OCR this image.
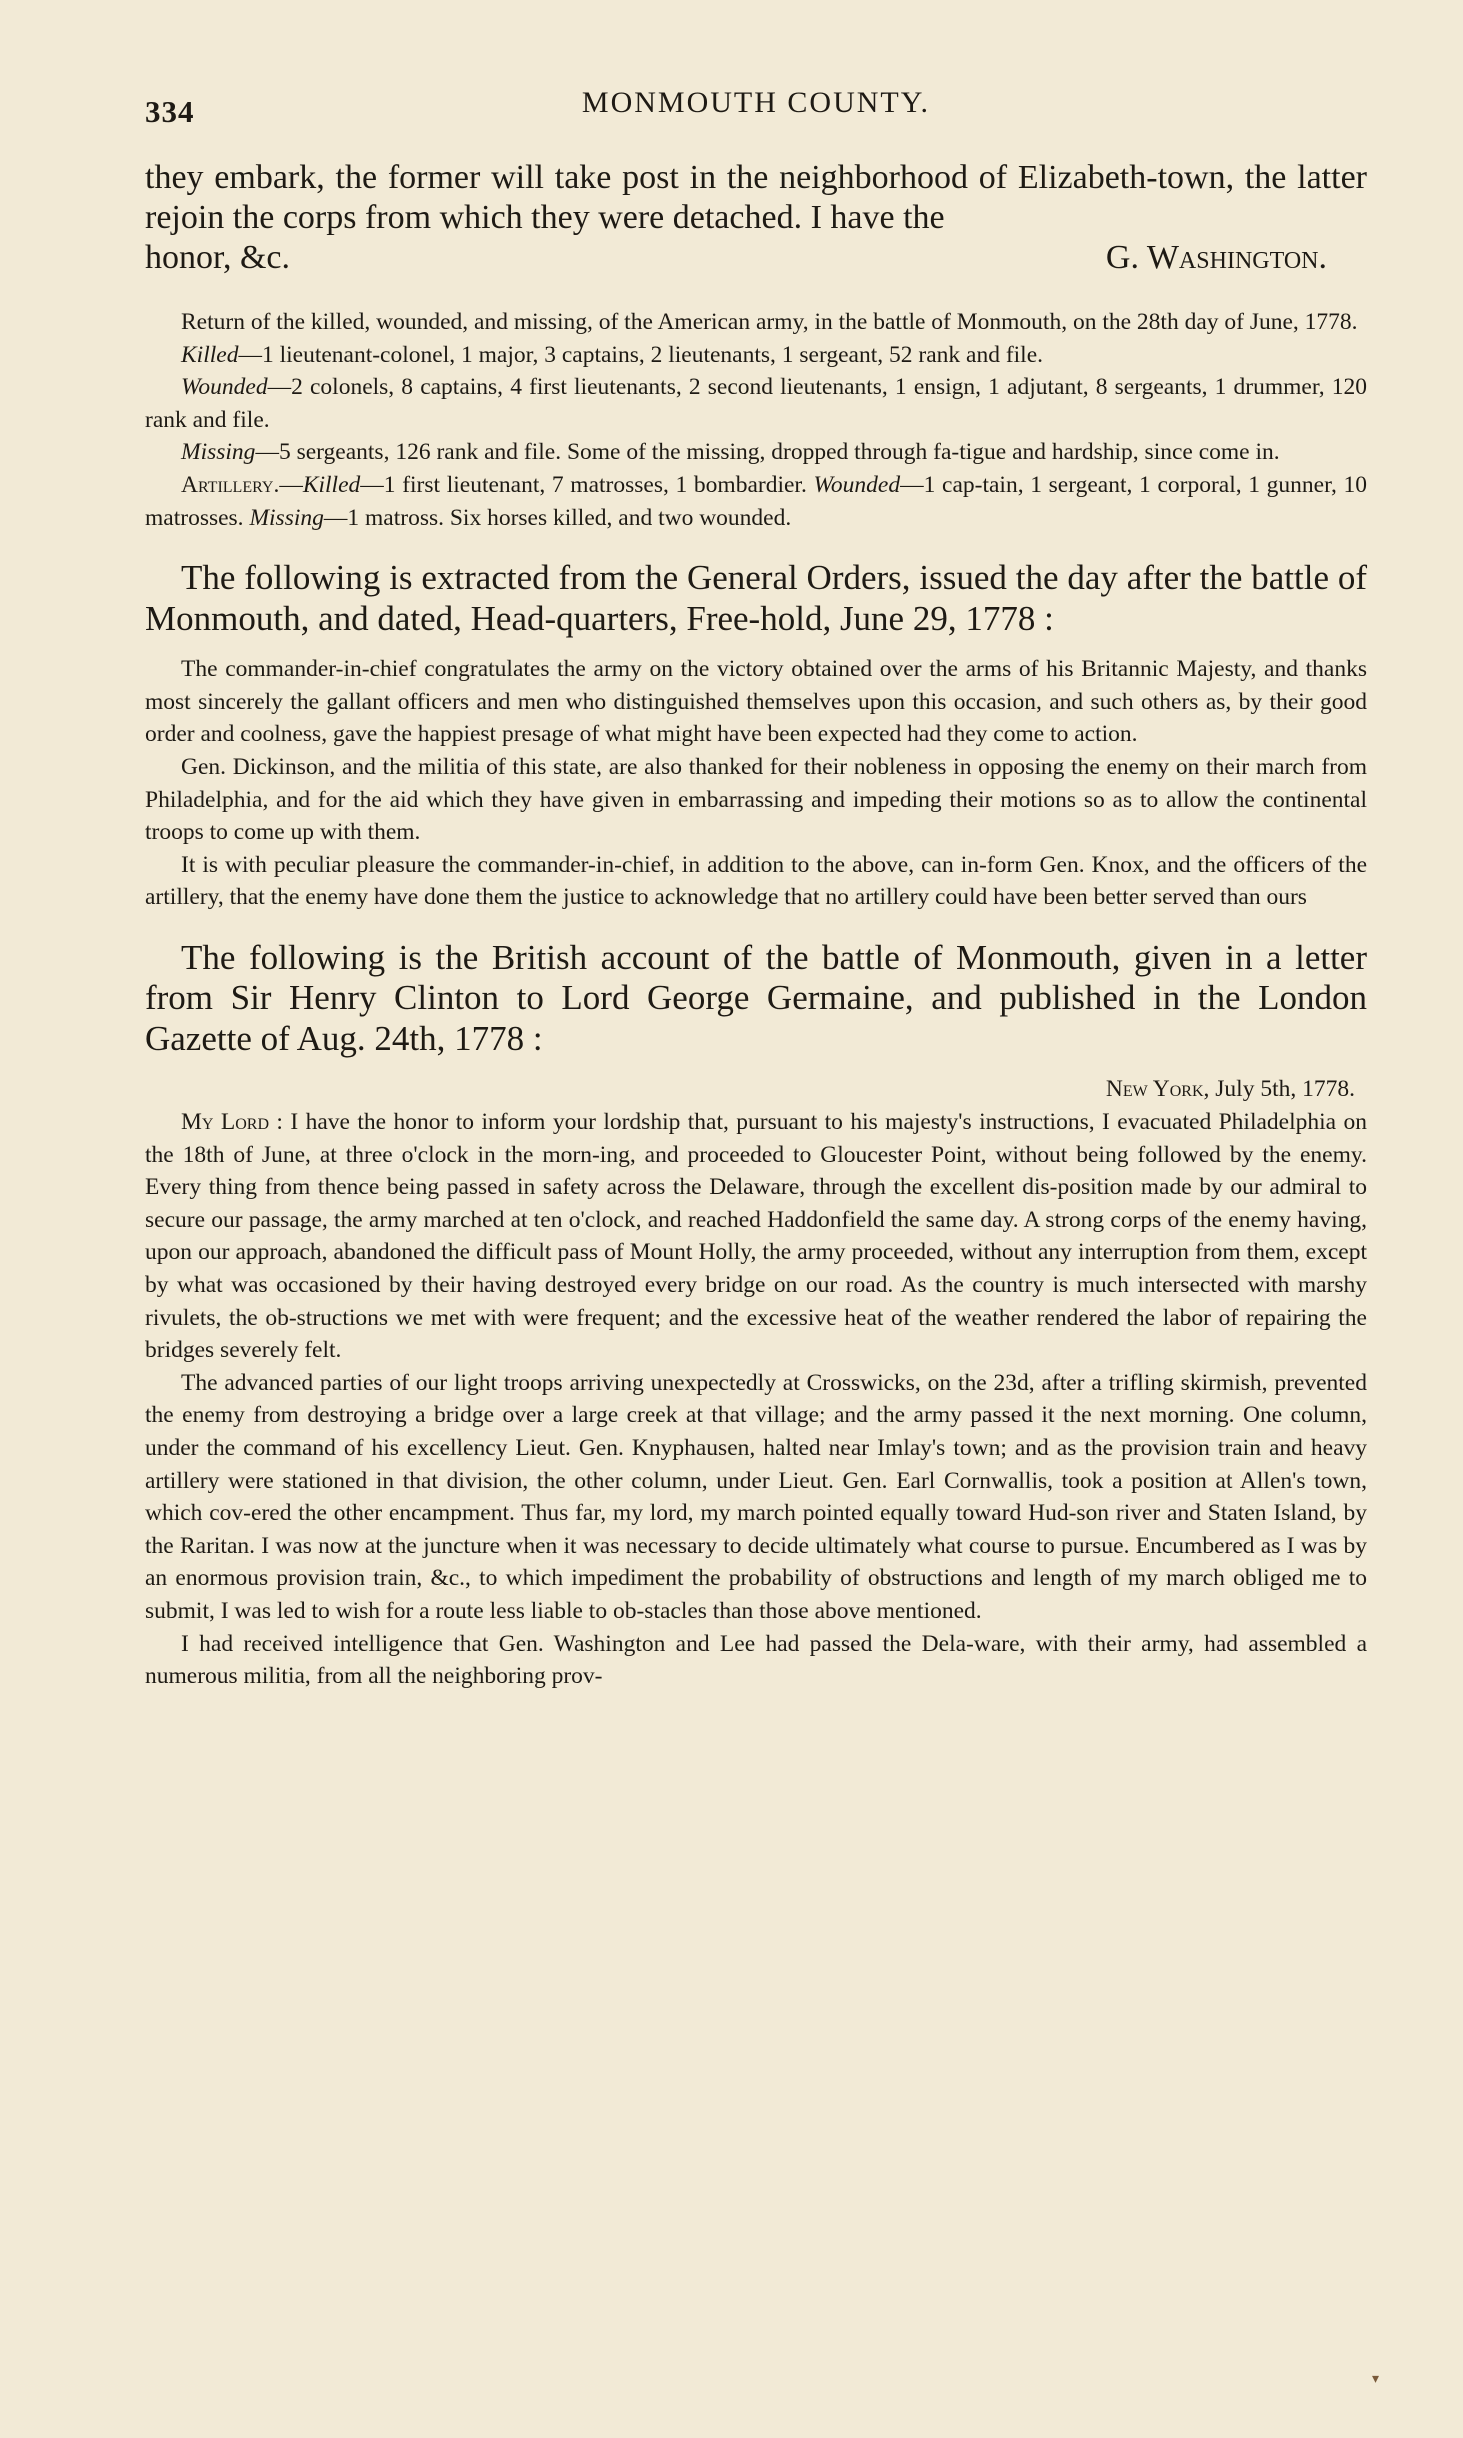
334	MONMOUTH COUNTY.

they embark, the former will take post in the neighborhood of Elizabeth-town, the latter rejoin the corps from which they were detached. I have the

honor, &c.	G. Washington.

Return of the killed, wounded, and missing, of the American army, in the battle of Monmouth, on the 28th day of June, 1778.

Killed—1 lieutenant-colonel, 1 major, 3 captains, 2 lieutenants, 1 sergeant, 52 rank and file.

Wounded—2 colonels, 8 captains, 4 first lieutenants, 2 second lieutenants, 1 ensign, 1 adjutant, 8 sergeants, 1 drummer, 120 rank and file.

Missing—5 sergeants, 126 rank and file. Some of the missing, dropped through fa-tigue and hardship, since come in.

Artillery.—Killed—1 first lieutenant, 7 matrosses, 1 bombardier. Wounded—1 cap-tain, 1 sergeant, 1 corporal, 1 gunner, 10 matrosses. Missing—1 matross. Six horses killed, and two wounded.

The following is extracted from the General Orders, issued the day after the battle of Monmouth, and dated, Head-quarters, Free-hold, June 29, 1778 :

The commander-in-chief congratulates the army on the victory obtained over the arms of his Britannic Majesty, and thanks most sincerely the gallant officers and men who distinguished themselves upon this occasion, and such others as, by their good order and coolness, gave the happiest presage of what might have been expected had they come to action.

Gen. Dickinson, and the militia of this state, are also thanked for their nobleness in opposing the enemy on their march from Philadelphia, and for the aid which they have given in embarrassing and impeding their motions so as to allow the continental troops to come up with them.

It is with peculiar pleasure the commander-in-chief, in addition to the above, can in-form Gen. Knox, and the officers of the artillery, that the enemy have done them the justice to acknowledge that no artillery could have been better served than ours

The following is the British account of the battle of Monmouth, given in a letter from Sir Henry Clinton to Lord George Germaine, and published in the London Gazette of Aug. 24th, 1778 :

New York, July 5th, 1778.

My Lord : I have the honor to inform your lordship that, pursuant to his majesty's instructions, I evacuated Philadelphia on the 18th of June, at three o'clock in the morn-ing, and proceeded to Gloucester Point, without being followed by the enemy. Every thing from thence being passed in safety across the Delaware, through the excellent dis-position made by our admiral to secure our passage, the army marched at ten o'clock, and reached Haddonfield the same day. A strong corps of the enemy having, upon our approach, abandoned the difficult pass of Mount Holly, the army proceeded, without any interruption from them, except by what was occasioned by their having destroyed every bridge on our road. As the country is much intersected with marshy rivulets, the ob-structions we met with were frequent; and the excessive heat of the weather rendered the labor of repairing the bridges severely felt.

The advanced parties of our light troops arriving unexpectedly at Crosswicks, on the 23d, after a trifling skirmish, prevented the enemy from destroying a bridge over a large creek at that village; and the army passed it the next morning. One column, under the command of his excellency Lieut. Gen. Knyphausen, halted near Imlay's town; and as the provision train and heavy artillery were stationed in that division, the other column, under Lieut. Gen. Earl Cornwallis, took a position at Allen's town, which cov-ered the other encampment. Thus far, my lord, my march pointed equally toward Hud-son river and Staten Island, by the Raritan. I was now at the juncture when it was necessary to decide ultimately what course to pursue. Encumbered as I was by an enormous provision train, &c., to which impediment the probability of obstructions and length of my march obliged me to submit, I was led to wish for a route less liable to ob-stacles than those above mentioned.

I had received intelligence that Gen. Washington and Lee had passed the Dela-ware, with their army, had assembled a numerous militia, from all the neighboring prov-

▾
